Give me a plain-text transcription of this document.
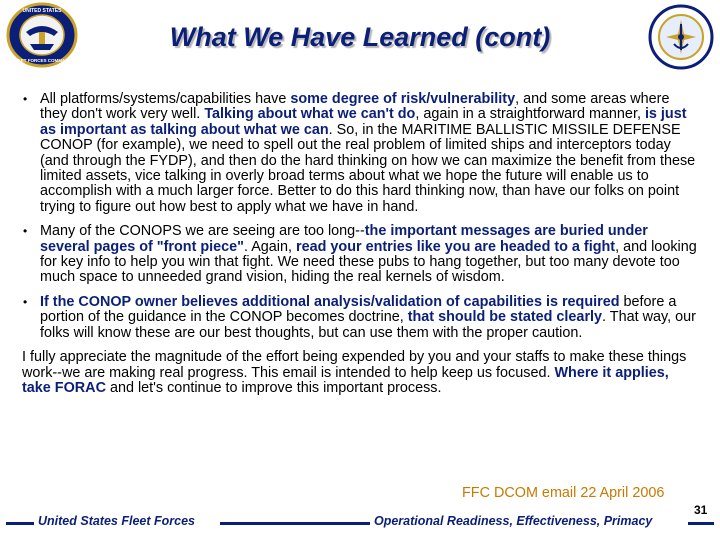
UNITED STATES
FLEET FORCES COMMAND
What We Have Learned (cont)
• All platforms/systems/capabilities have some degree of risk/vulnerability, and some areas where they don't work very well. Talking about what we can't do, again in a straightforward manner, is just as important as talking about what we can. So, in the MARITIME BALLISTIC MISSILE DEFENSE CONOP (for example), we need to spell out the real problem of limited ships and interceptors today (and through the FYDP), and then do the hard thinking on how we can maximize the benefit from these limited assets, vice talking in overly broad terms about what we hope the future will enable us to accomplish with a much larger force. Better to do this hard thinking now, than have our folks on point trying to figure out how best to apply what we have in hand.
• Many of the CONOPS we are seeing are too long--the important messages are buried under several pages of "front piece". Again, read your entries like you are headed to a fight, and looking for key info to help you win that fight. We need these pubs to hang together, but too many devote too much space to unneeded grand vision, hiding the real kernels of wisdom.
• If the CONOP owner believes additional analysis/validation of capabilities is required before a portion of the guidance in the CONOP becomes doctrine, that should be stated clearly. That way, our folks will know these are our best thoughts, but can use them with the proper caution.
I fully appreciate the magnitude of the effort being expended by you and your staffs to make these things work--we are making real progress. This email is intended to help keep us focused. Where it applies, take FORAC and let's continue to improve this important process.
FFC DCOM email 22 April 2006
United States Fleet Forces	Operational Readiness, Effectiveness, Primacy
31
